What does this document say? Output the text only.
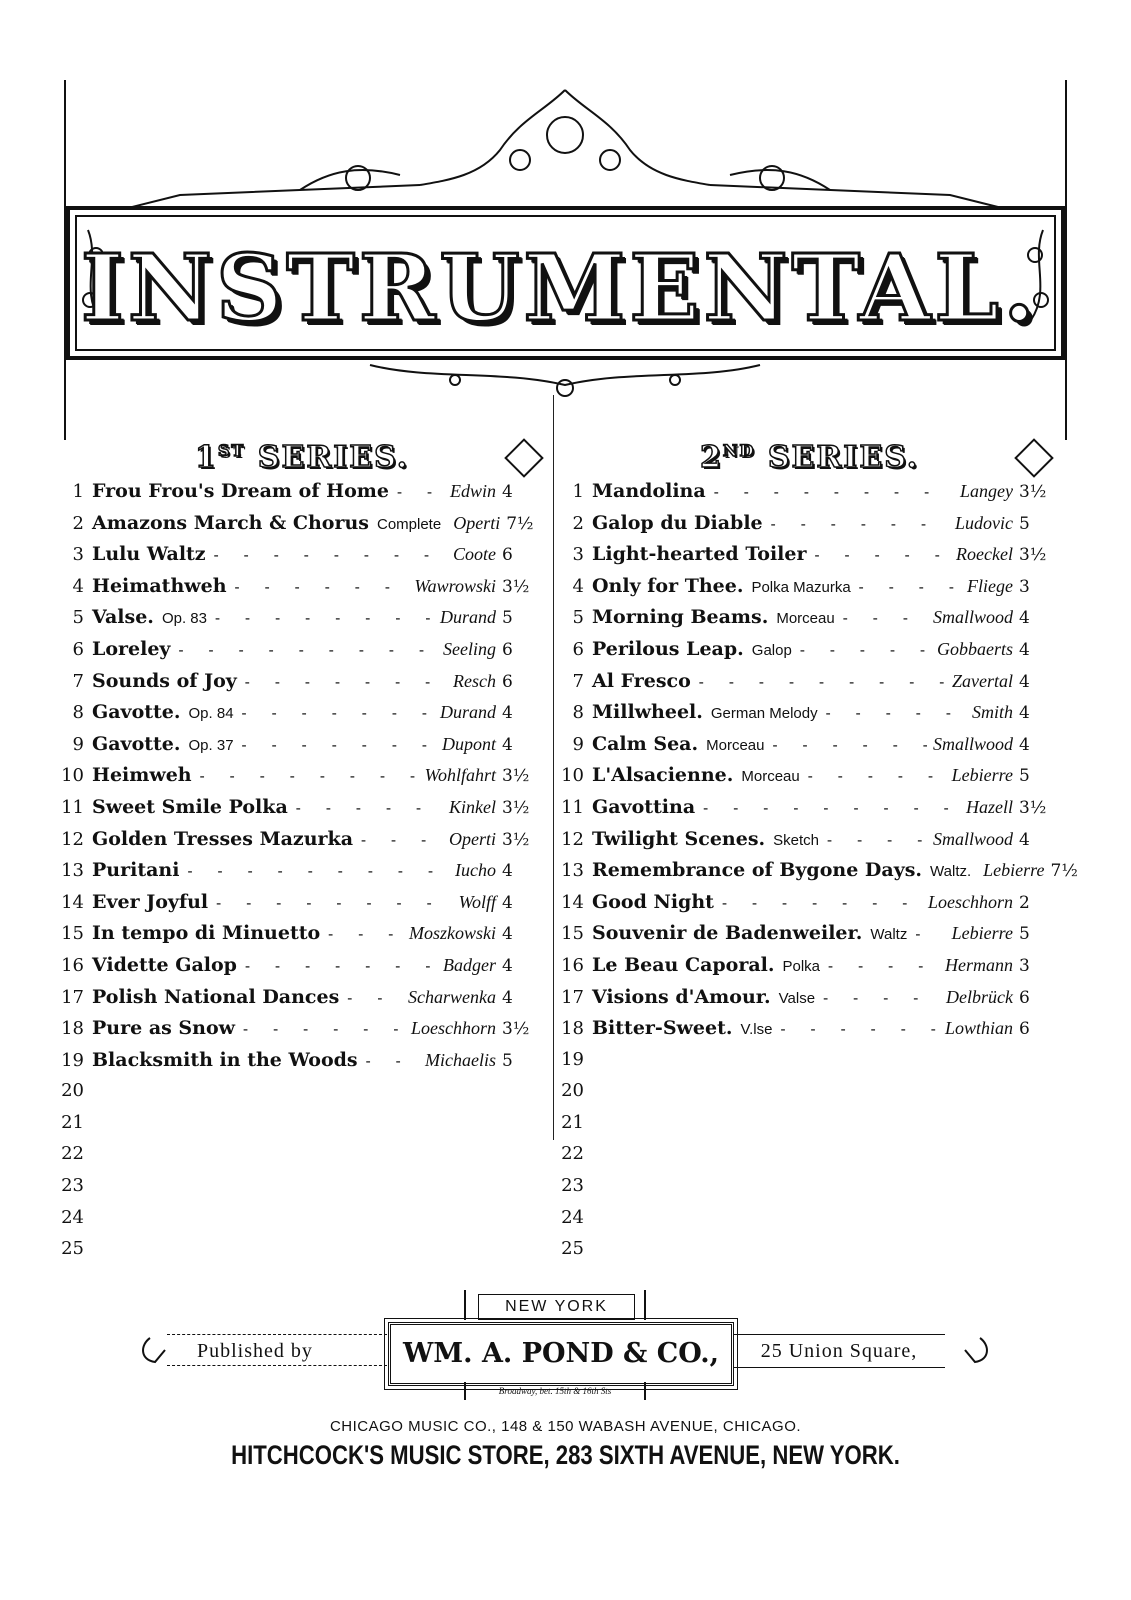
INSTRUMENTAL.
1ST SERIES.	2ND SERIES.
1 Frou Frou's Dream of Home - - -	Edwin 4
2 Amazons March & Chorus Complete Operti 7½
3 Lulu Waltz - - -	Coote 6
4 Heimathweh - - -	Wawrowski 3½
5 Valse. Op. 83 - - -	Durand 5
6 Loreley - - -	Seeling 6
7 Sounds of Joy - - -	Resch 6
8 Gavotte. Op. 84 - - -	Durand 4
9 Gavotte. Op. 37 - - -	Dupont 4
10 Heimweh - - -	Wohlfahrt 3½
11 Sweet Smile Polka - - -	Kinkel 3½
12 Golden Tresses Mazurka - - -	Operti 3½
13 Puritani - - -	Iucho 4
14 Ever Joyful - - -	Wolff 4
15 In tempo di Minuetto - - -	Moszkowski 4
16 Vidette Galop - - -	Badger 4
17 Polish National Dances - - -	Scharwenka 4
18 Pure as Snow - - -	Loeschhorn 3½
19 Blacksmith in the Woods - - -	Michaelis 5
20
21
22
23
24
25
1 Mandolina - - -	Langey 3½
2 Galop du Diable - - -	Ludovic 5
3 Light-hearted Toiler - - -	Roeckel 3½
4 Only for Thee. Polka Mazurka - - -	Fliege 3
5 Morning Beams. Morceau - - -	Smallwood 4
6 Perilous Leap. Galop - - -	Gobbaerts 4
7 Al Fresco - - -	Zavertal 4
8 Millwheel. German Melody - - -	Smith 4
9 Calm Sea. Morceau - - -	Smallwood 4
10 L'Alsacienne. Morceau - - -	Lebierre 5
11 Gavottina - - -	Hazell 3½
12 Twilight Scenes. Sketch - - -	Smallwood 4
13 Remembrance of Bygone Days. Waltz. Lebierre 7½
14 Good Night - - -	Loeschhorn 2
15 Souvenir de Badenweiler. Waltz - - - Lebierre 5
16 Le Beau Caporal. Polka - - -	Hermann 3
17 Visions d'Amour. Valse - - -	Delbrück 6
18 Bitter-Sweet. V.lse - - -	Lowthian 6
19
20
21
22
23
24
25
NEW YORK
Published by	WM. A. POND & CO.,	25 Union Square,
Broadway, bet. 15th & 16th Sts
CHICAGO MUSIC CO., 148 & 150 WABASH AVENUE, CHICAGO.
HITCHCOCK'S MUSIC STORE, 283 SIXTH AVENUE, NEW YORK.
